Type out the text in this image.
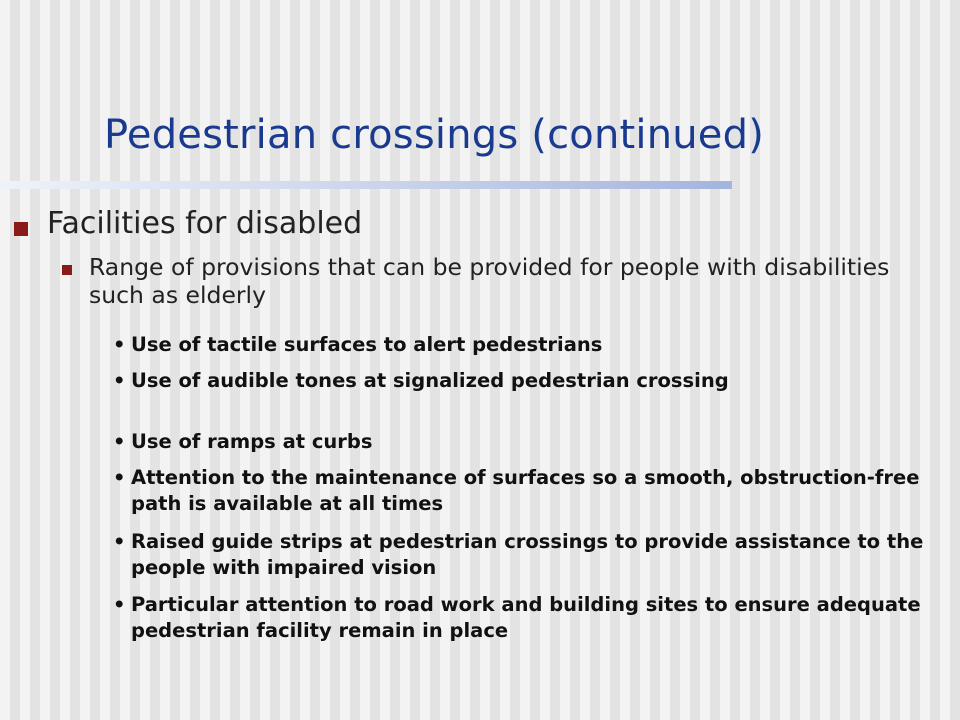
Pedestrian crossings (continued)
Facilities for disabled
Range of provisions that can be provided for people with disabilities such as elderly
• Use of tactile surfaces to alert pedestrians
• Use of audible tones at signalized pedestrian crossing
• Use of ramps at curbs
• Attention to the maintenance of surfaces so a smooth, obstruction-free path is available at all times
• Raised guide strips at pedestrian crossings to provide assistance to the people with impaired vision
• Particular attention to road work and building sites to ensure adequate pedestrian facility remain in place
